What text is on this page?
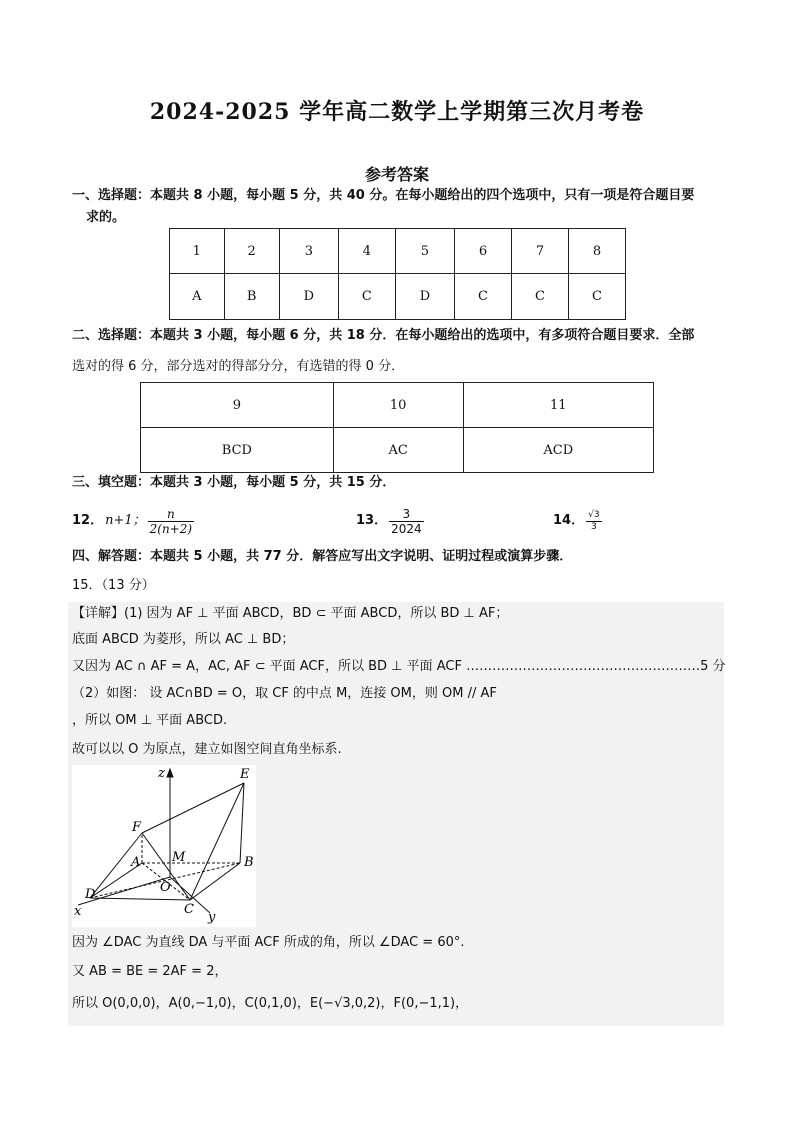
2024-2025 学年高二数学上学期第三次月考卷
参考答案
一、选择题：本题共 8 小题，每小题 5 分，共 40 分。在每小题给出的四个选项中，只有一项是符合题目要
求的。
1	2	3	4	5	6	7	8
A	B	D	C	D	C	C	C
二、选择题：本题共 3 小题，每小题 6 分，共 18 分．在每小题给出的选项中，有多项符合题目要求．全部
选对的得 6 分，部分选对的得部分分，有选错的得 0 分．
9	10	11
BCD	AC	ACD
三、填空题：本题共 3 小题，每小题 5 分，共 15 分．
12． n+1； $\frac{n}{2(n+2)}$	13． $\frac{3}{2024}$	14． $\frac{√3}{3}$
四、解答题：本题共 5 小题，共 77 分．解答应写出文字说明、证明过程或演算步骤．
15．（13 分）
【详解】(1) 因为 AF ⊥ 平面 ABCD，BD ⊂ 平面 ABCD，所以 BD ⊥ AF；
底面 ABCD 为菱形，所以 AC ⊥ BD；
又因为 AC ∩ AF = A，AC, AF ⊂ 平面 ACF，所以 BD ⊥ 平面 ACF ………………………………………………5 分
（2）如图： 设 AC∩BD = O，取 CF 的中点 M，连接 OM，则 OM // AF
，所以 OM ⊥ 平面 ABCD.
故可以以 O 为原点，建立如图空间直角坐标系.
z	E
F
A M	B
D	O
C
x	y
因为 ∠DAC 为直线 DA 与平面 ACF 所成的角，所以 ∠DAC = 60°.
又 AB = BE = 2AF = 2，
所以 O(0,0,0)，A(0,−1,0)，C(0,1,0)，E(−√3,0,2)，F(0,−1,1)，
